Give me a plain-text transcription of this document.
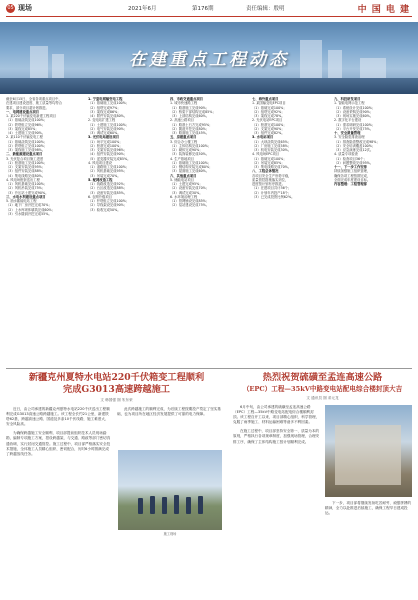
05 现场	2021年6月	第176期	责任编辑：殷明	中 国 电 建
在建重点工程动态

截至6月15日，全省各项重点项目中，

在建项目建设进度、施工质量等均符合

要求，部分项目超计划推进。

一、电网建设重点项目

1. 某220千伏输变电新建工程项目

（1）基础浇筑完成100%；

（2）铁塔组立完成96%；

（3）架线完成85%；

（4）土建施工完成90%。

2. 某110千伏输变电工程

（1）基础浇筑完成100%；

（2）铁塔组立完成100%；

（3）架线施工完成98%。

二、新能源建设重点项目

3. 光伏复合项目施工进度

（1）桩基施工完成100%；

（2）支架安装完成95%；

（3）组件安装完成88%；

（4）集电线路完成80%。

4. 风电场配套送出工程

（1）风机基础完成100%；

（2）风机吊装完成75%；

（3）升压站土建完成90%。

三、水电水利建设重点项目

5. 抽水蓄能电站工程

（1）地下厂房开挖完成70%；

（2）上水库坝体填筑完成60%；

（3）引水隧洞开挖完成55%。

1. 宁夏电网输变电工程

（1）基础施工完成100%；

（2）组塔完成97%；

（3）架线完成86%；

（4）附件安装完成80%。

2. 变电站扩建工程

（1）土建施工完成100%；

（2）电气安装完成90%；

（3）调试完成60%。

3. 光伏电站建设项目

（1）场平完成100%；

（2）桩基完成100%；

（3）支架安装完成96%；

（4）组件安装完成90%；

（5）逆变器安装完成85%。

4. 风电项目建设

（1）道路施工完成100%；

（2）风机基础完成95%；

（3）吊装完成70%。

5. 配网改造工程

（1）线路改造完成92%；

（2）台区改造完成88%；

（3）设备安装完成85%。

6. 农网升级项目

（1）杆塔组立完成100%；

（2）导线架设完成90%；

（3）验收完成50%。

四、市政交通重点项目

1. 城市快速路工程

（1）路基施工完成90%；

（2）桥梁下部结构完成85%；

（3）上部结构完成60%。

2. 高速公路项目

（1）路基土石方完成95%；

（2）隧道开挖完成80%；

（3）路面施工完成45%。

五、房建重点项目

3. 综合办公楼工程

（1）主体结构完成100%；

（2）砌体完成90%；

（3）装饰装修完成50%。

4. 生产基地项目

（1）基础施工完成100%；

（2）钢结构安装完成80%；

（3）屋面施工完成60%。

六、其他重点项目

5. 储能电站项目

（1）土建完成95%；

（2）设备安装完成70%；

（3）调试完成30%。

6. 水环境治理工程

（1）管网铺设完成85%；

（2）泵站建设完成75%。

七、海外重点项目

1. 某国输变电EPC项目

（1）基础完成100%；

（2）组塔完成92%；

（3）架线完成78%。

2. 光伏电站EPC项目

（1）桩基完成100%；

（2）支架完成90%；

（3）组件完成82%。

3. 水电站项目

（1）大坝浇筑完成65%；

（2）厂房施工完成58%；

（3）机电安装完成30%。

4. 风电场EPC项目

（1）基础完成100%；

（2）吊装完成85%；

（3）集电线路完成70%。

八、工程总体情况

各项目安全生产形势平稳，

质量管控措施落实到位，

进度按计划有序推进。

（1）在建项目共计36个；

（2）计划年内投产18个；

（3）已完成投资比例62%。

九、科技研发项目

1. 智能电网示范工程

（1）系统设计完成100%；

（2）设备采购完成90%；

（3）现场实施完成60%。

2. 数字化平台建设

（1）需求调研完成100%；

（2）平台开发完成75%。

十、安全质量管理

3. 安全隐患排查治理

（1）排查隐患整改完成98%；

（2）安全培训覆盖100%；

（3）应急演练完成12次。

4. 质量专项检查

（1）检查项目36个；

（2）问题整改完成95%。

十一、下一步工作安排

持续加强施工组织管理，

确保各项工程按期完成，

全面完成年度建设目标。

内容整理：工程管理部

新疆克州夏特水电站220千伏箱变工程顺利
完成G3013高速跨越施工
文 韩国强 图 朱东荣

近日，由公司承建的新疆克州夏特水电站220千伏送出工程顺利完成G3013高速公路跨越施工。该工程全长约21公里，新建铁塔62基，跨越高速公路、国道及多条10千伏线路，施工难度大、安全风险高。

为确保跨越施工安全顺利，项目部提前组织技术人员现场踏勘，编制专项施工方案，搭设跨越架，与交通、路政等部门密切沟通协调，实行封闭交通管控。施工过程中，项目部严格落实安全技术措施，全体施工人员精心组织、密切配合，历时6小时圆满完成了跨越放线任务。

此次跨越施工的顺利完成，为后续工程按期投产奠定了坚实基础，也为项目所在地区经济发展提供了可靠的电力保障。

施工现场
热烈祝贺硫磺至孟连高速公路
（EPC）工程—35kV中路变电站配电综合楼封顶大吉
文 通讯员 图 邓元龙

6月中旬，由公司承建的硫磺至孟连高速公路（EPC）工程—35kV中路变电站配电综合楼顺利封顶。该工程自开工以来，项目部精心组织、科学管理，克服了雨季施工、材料运输困难等诸多不利因素。

在施工过程中，项目部坚持安全第一、质量为本的原则，严格执行各项规章制度，加强现场管理，合理安排工序，确保了主体结构施工按计划顺利完成。

下一步，项目部将继续发扬吃苦耐劳、顽强拼搏的精神，全力以赴推进后续施工，确保工程早日建成投运。
